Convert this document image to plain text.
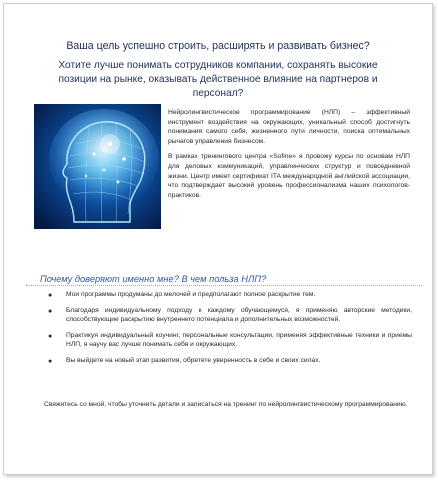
Ваша цель успешно строить, расширять и развивать бизнес?
Хотите лучше понимать сотрудников компании, сохранять высокие позиции на рынке, оказывать действенное влияние на партнеров и персонал?

Нейролингвистическое программирование (НЛП) – эффективный инструмент воздействия на окружающих, уникальный способ достигнуть понимания самого себя, жизненного пути личности, поиска оптимальных рычагов управления бизнесом.

В рамках тренингового центра «Sofine» я провожу курсы по основам НЛП для деловых коммуникаций, управленческих структур и повседневной жизни. Центр имеет сертификат ITA международной английской ассоциации, что подтверждает высокий уровень профессионализма наших психологов-практиков.

Почему доверяют именно мне? В чем польза НЛП?
● Мои программы продуманы до мелочей и предполагают полное раскрытие тем.
● Благодаря индивидуальному подходу к каждому обучающемуся, я применяю авторские методики, способствующие раскрытию внутреннего потенциала и дополнительных возможностей.
● Практикуя индивидуальный коучинг, персональные консультации, применяя эффективные техники и приемы НЛП, я научу вас лучше понимать себя и окружающих.
● Вы выйдете на новый этап развития, обретете уверенность в себе и своих силах.
Свяжитесь со мной, чтобы уточнить детали и записаться на тренинг по нейролингвистическому программированию.
